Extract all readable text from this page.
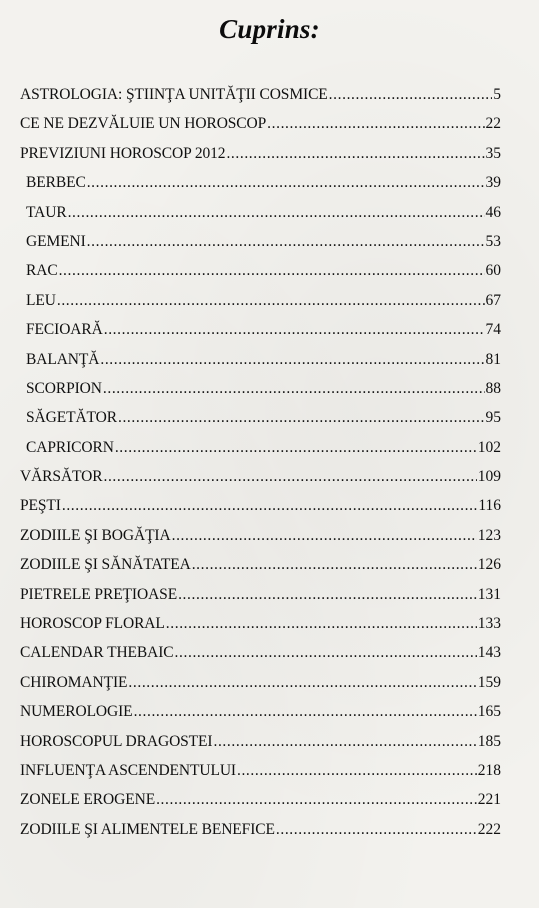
Cuprins:
ASTROLOGIA: ŞTIINŢA UNITĂŢII COSMICE .....	5
CE NE DEZVĂLUIE UN HOROSCOP .....	22
PREVIZIUNI HOROSCOP 2012 .....	35
BERBEC .....	39
TAUR .....	46
GEMENI .....	53
RAC .....	60
LEU .....	67
FECIOARĂ .....	74
BALANŢĂ .....	81
SCORPION .....	88
SĂGETĂTOR .....	95
CAPRICORN .....	102
VĂRSĂTOR .....	109
PEŞTI .....	116
ZODIILE ŞI BOGĂŢIA .....	123
ZODIILE ŞI SĂNĂTATEA .....	126
PIETRELE PREŢIOASE .....	131
HOROSCOP FLORAL .....	133
CALENDAR THEBAIC .....	143
CHIROMANŢIE .....	159
NUMEROLOGIE .....	165
HOROSCOPUL DRAGOSTEI .....	185
INFLUENŢA ASCENDENTULUI .....	218
ZONELE EROGENE .....	221
ZODIILE ŞI ALIMENTELE BENEFICE .....	222
